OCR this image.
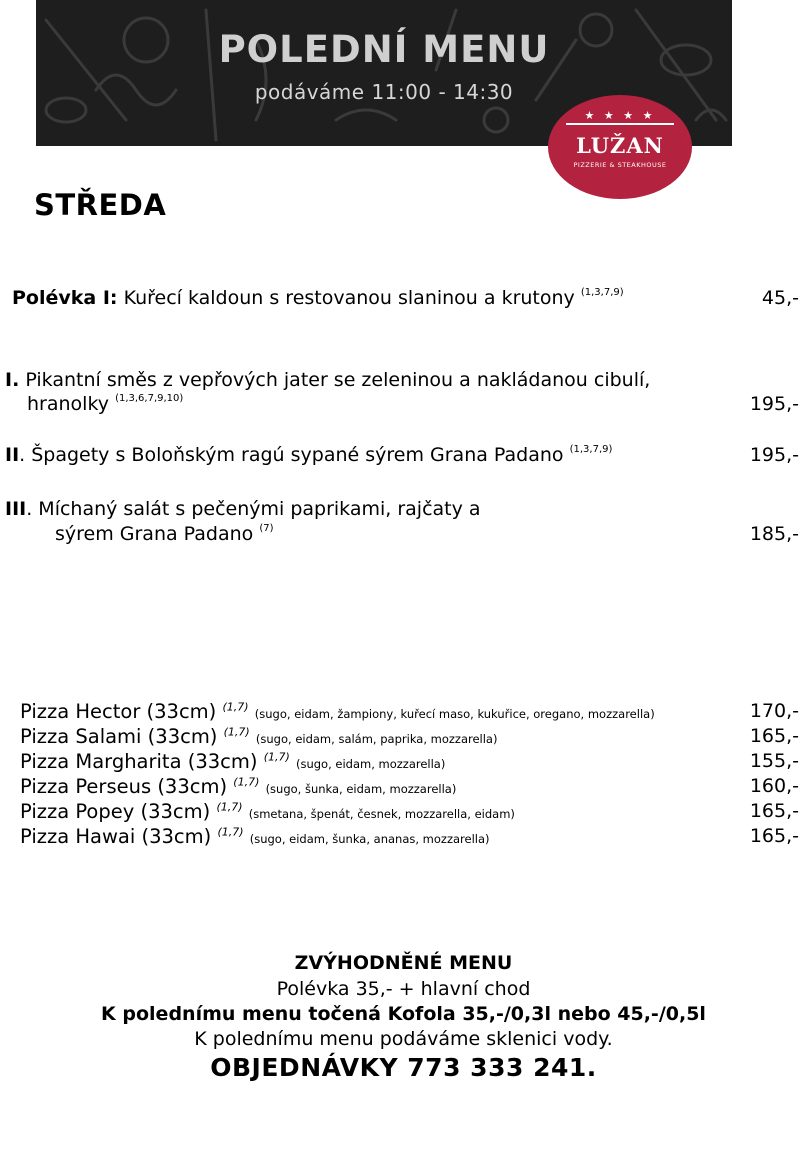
POLEDNÍ MENU
podáváme 11:00 - 14:30
★ ★ ★ ★
LUŽAN
PIZZERIE & STEAKHOUSE
STŘEDA
Polévka I: Kuřecí kaldoun s restovanou slaninou a krutony $^{(1,3,7,9)}$	45,-
I. Pikantní směs z vepřových jater se zeleninou a nakládanou cibulí,
hranolky $^{(1,3,6,7,9,10)}$	195,-
II. Špagety s Boloňským ragú sypané sýrem Grana Padano $^{(1,3,7,9)}$	195,-
III. Míchaný salát s pečenými paprikami, rajčaty a
sýrem Grana Padano $^{(7)}$	185,-
Pizza Hector (33cm) $^{(1,7)}$ (sugo, eidam, žampiony, kuřecí maso, kukuřice, oregano, mozzarella)	170,-
Pizza Salami (33cm) $^{(1,7)}$ (sugo, eidam, salám, paprika, mozzarella)	165,-
Pizza Margharita (33cm) $^{(1,7)}$ (sugo, eidam, mozzarella)	155,-
Pizza Perseus (33cm) $^{(1,7)}$ (sugo, šunka, eidam, mozzarella)	160,-
Pizza Popey (33cm) $^{(1,7)}$ (smetana, špenát, česnek, mozzarella, eidam)	165,-
Pizza Hawai (33cm) $^{(1,7)}$ (sugo, eidam, šunka, ananas, mozzarella)	165,-
ZVÝHODNĚNÉ MENU
Polévka 35,- + hlavní chod
K polednímu menu točená Kofola 35,-/0,3l nebo 45,-/0,5l
K polednímu menu podáváme sklenici vody.
OBJEDNÁVKY 773 333 241.
